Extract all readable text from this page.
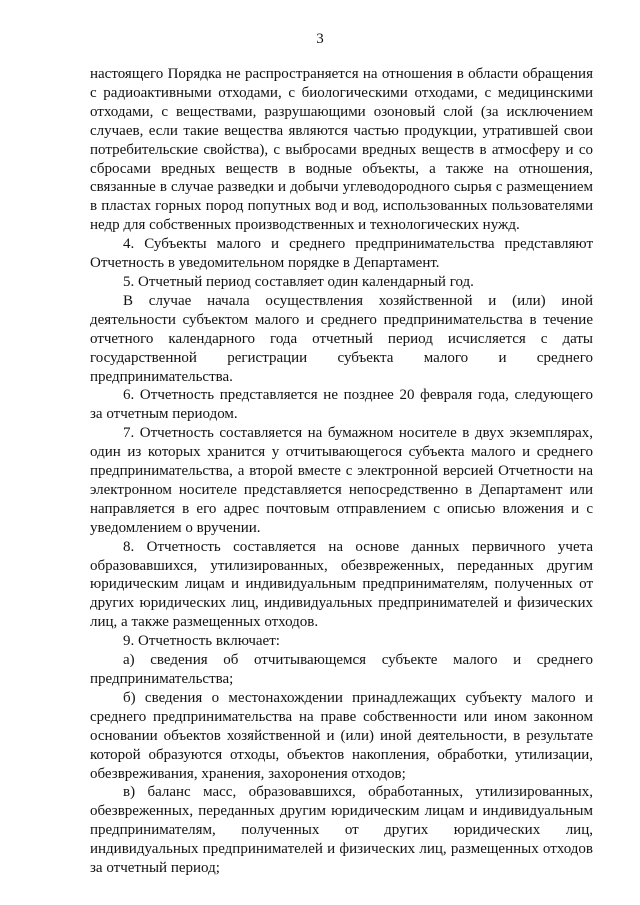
3

настоящего Порядка не распространяется на отношения в области обращения с радиоактивными отходами, с биологическими отходами, с медицинскими отходами, с веществами, разрушающими озоновый слой (за исключением случаев, если такие вещества являются частью продукции, утратившей свои потребительские свойства), с выбросами вредных веществ в атмосферу и со сбросами вредных веществ в водные объекты, а также на отношения, связанные в случае разведки и добычи углеводородного сырья с размещением в пластах горных пород попутных вод и вод, использованных пользователями недр для собственных производственных и технологических нужд.

4. Субъекты малого и среднего предпринимательства представляют Отчетность в уведомительном порядке в Департамент.

5. Отчетный период составляет один календарный год.

В случае начала осуществления хозяйственной и (или) иной деятельности субъектом малого и среднего предпринимательства в течение отчетного календарного года отчетный период исчисляется с даты государственной регистрации субъекта малого и среднего предпринимательства.

6. Отчетность представляется не позднее 20 февраля года, следующего за отчетным периодом.

7. Отчетность составляется на бумажном носителе в двух экземплярах, один из которых хранится у отчитывающегося субъекта малого и среднего предпринимательства, а второй вместе с электронной версией Отчетности на электронном носителе представляется непосредственно в Департамент или направляется в его адрес почтовым отправлением с описью вложения и с уведомлением о вручении.

8. Отчетность составляется на основе данных первичного учета образовавшихся, утилизированных, обезвреженных, переданных другим юридическим лицам и индивидуальным предпринимателям, полученных от других юридических лиц, индивидуальных предпринимателей и физических лиц, а также размещенных отходов.

9. Отчетность включает:

а) сведения об отчитывающемся субъекте малого и среднего предпринимательства;

б) сведения о местонахождении принадлежащих субъекту малого и среднего предпринимательства на праве собственности или ином законном основании объектов хозяйственной и (или) иной деятельности, в результате которой образуются отходы, объектов накопления, обработки, утилизации, обезвреживания, хранения, захоронения отходов;

в) баланс масс, образовавшихся, обработанных, утилизированных, обезвреженных, переданных другим юридическим лицам и индивидуальным предпринимателям, полученных от других юридических лиц, индивидуальных предпринимателей и физических лиц, размещенных отходов за отчетный период;
